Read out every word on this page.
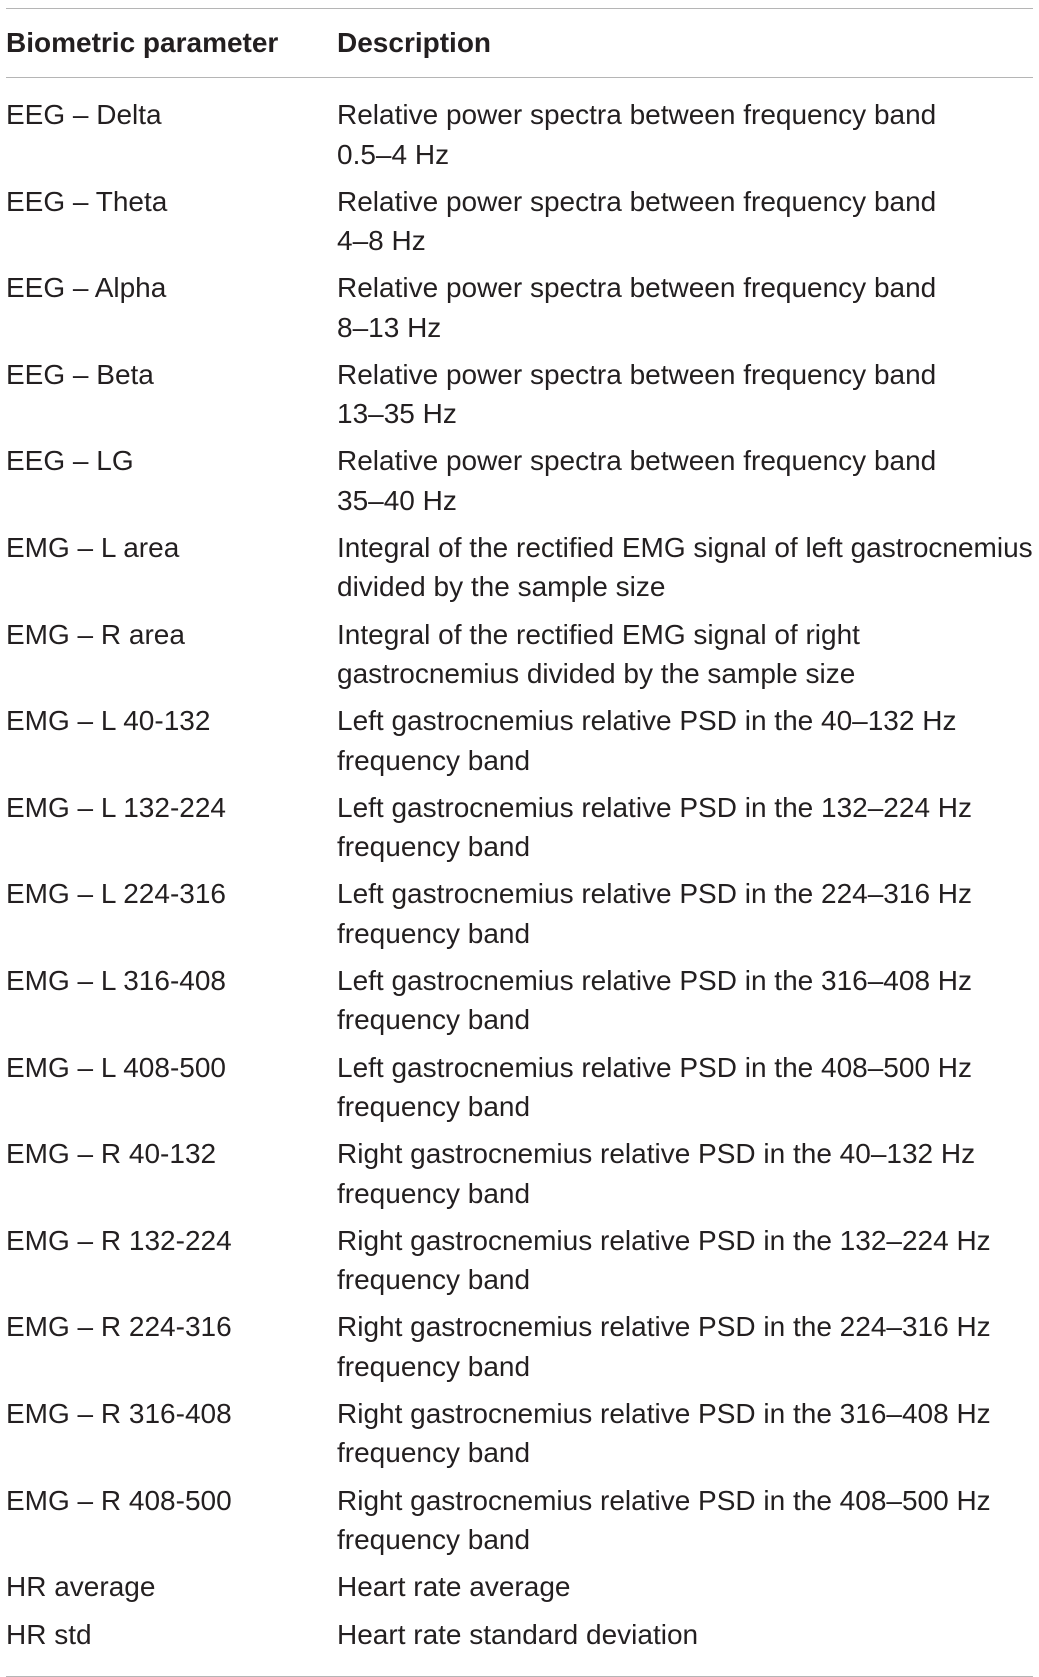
Biometric parameter	Description
EEG – Delta	Relative power spectra between frequency band
0.5–4 Hz
EEG – Theta	Relative power spectra between frequency band
4–8 Hz
EEG – Alpha	Relative power spectra between frequency band
8–13 Hz
EEG – Beta	Relative power spectra between frequency band
13–35 Hz
EEG – LG	Relative power spectra between frequency band
35–40 Hz
EMG – L area	Integral of the rectified EMG signal of left gastrocnemius
divided by the sample size
EMG – R area	Integral of the rectified EMG signal of right
gastrocnemius divided by the sample size
EMG – L 40-132	Left gastrocnemius relative PSD in the 40–132 Hz
frequency band
EMG – L 132-224	Left gastrocnemius relative PSD in the 132–224 Hz
frequency band
EMG – L 224-316	Left gastrocnemius relative PSD in the 224–316 Hz
frequency band
EMG – L 316-408	Left gastrocnemius relative PSD in the 316–408 Hz
frequency band
EMG – L 408-500	Left gastrocnemius relative PSD in the 408–500 Hz
frequency band
EMG – R 40-132	Right gastrocnemius relative PSD in the 40–132 Hz
frequency band
EMG – R 132-224	Right gastrocnemius relative PSD in the 132–224 Hz
frequency band
EMG – R 224-316	Right gastrocnemius relative PSD in the 224–316 Hz
frequency band
EMG – R 316-408	Right gastrocnemius relative PSD in the 316–408 Hz
frequency band
EMG – R 408-500	Right gastrocnemius relative PSD in the 408–500 Hz
frequency band
HR average	Heart rate average
HR std	Heart rate standard deviation
